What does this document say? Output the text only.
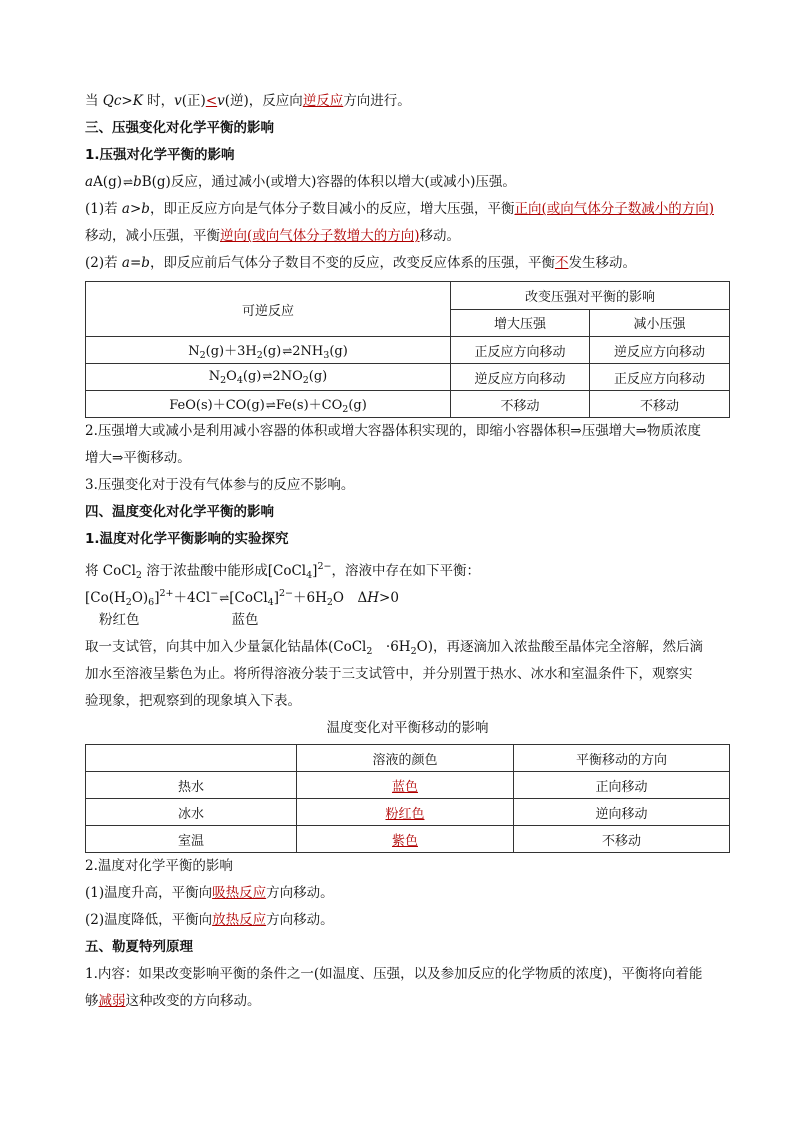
当 Qc>K 时，v(正)<v(逆)，反应向逆反应方向进行。
三、压强变化对化学平衡的影响
1.压强对化学平衡的影响
aA(g)⇌bB(g)反应，通过减小(或增大)容器的体积以增大(或减小)压强。
(1)若 a>b，即正反应方向是气体分子数目减小的反应，增大压强，平衡正向(或向气体分子数减小的方向)
移动，减小压强，平衡逆向(或向气体分子数增大的方向)移动。
(2)若 a=b，即反应前后气体分子数目不变的反应，改变反应体系的压强，平衡不发生移动。
可逆反应	改变压强对平衡的影响	
	增大压强	减小压强
$N_2(g)+3H_2(g)\rightleftharpoons 2NH_3(g)$	正反应方向移动	逆反应方向移动
$N_2O_4(g)\rightleftharpoons 2NO_2(g)$	逆反应方向移动	正反应方向移动
$FeO(s)+CO(g)\rightleftharpoons Fe(s)+CO_2(g)$	不移动	不移动
2.压强增大或减小是利用减小容器的体积或增大容器体积实现的，即缩小容器体积⇒压强增大⇒物质浓度
增大⇒平衡移动。
3.压强变化对于没有气体参与的反应不影响。
四、温度变化对化学平衡的影响
1.温度对化学平衡影响的实验探究
将 CoCl$_2$ 溶于浓盐酸中能形成[CoCl$_4$]$^{2-}$，溶液中存在如下平衡：
$[Co(H_2O)_6]^{2+}+4Cl^-\rightleftharpoons[CoCl_4]^{2-}+6H_2O$　ΔH>0
粉红色	蓝色
取一支试管，向其中加入少量氯化钴晶体(CoCl$_2$　$\cdot 6H_2O$)，再逐滴加入浓盐酸至晶体完全溶解，然后滴
加水至溶液呈紫色为止。将所得溶液分装于三支试管中，并分别置于热水、冰水和室温条件下，观察实
验现象，把观察到的现象填入下表。
温度变化对平衡移动的影响
	溶液的颜色	平衡移动的方向
热水	蓝色	正向移动
冰水	粉红色	逆向移动
室温	紫色	不移动
2.温度对化学平衡的影响
(1)温度升高，平衡向吸热反应方向移动。
(2)温度降低，平衡向放热反应方向移动。
五、勒夏特列原理
1.内容：如果改变影响平衡的条件之一(如温度、压强，以及参加反应的化学物质的浓度)，平衡将向着能
够减弱这种改变的方向移动。
